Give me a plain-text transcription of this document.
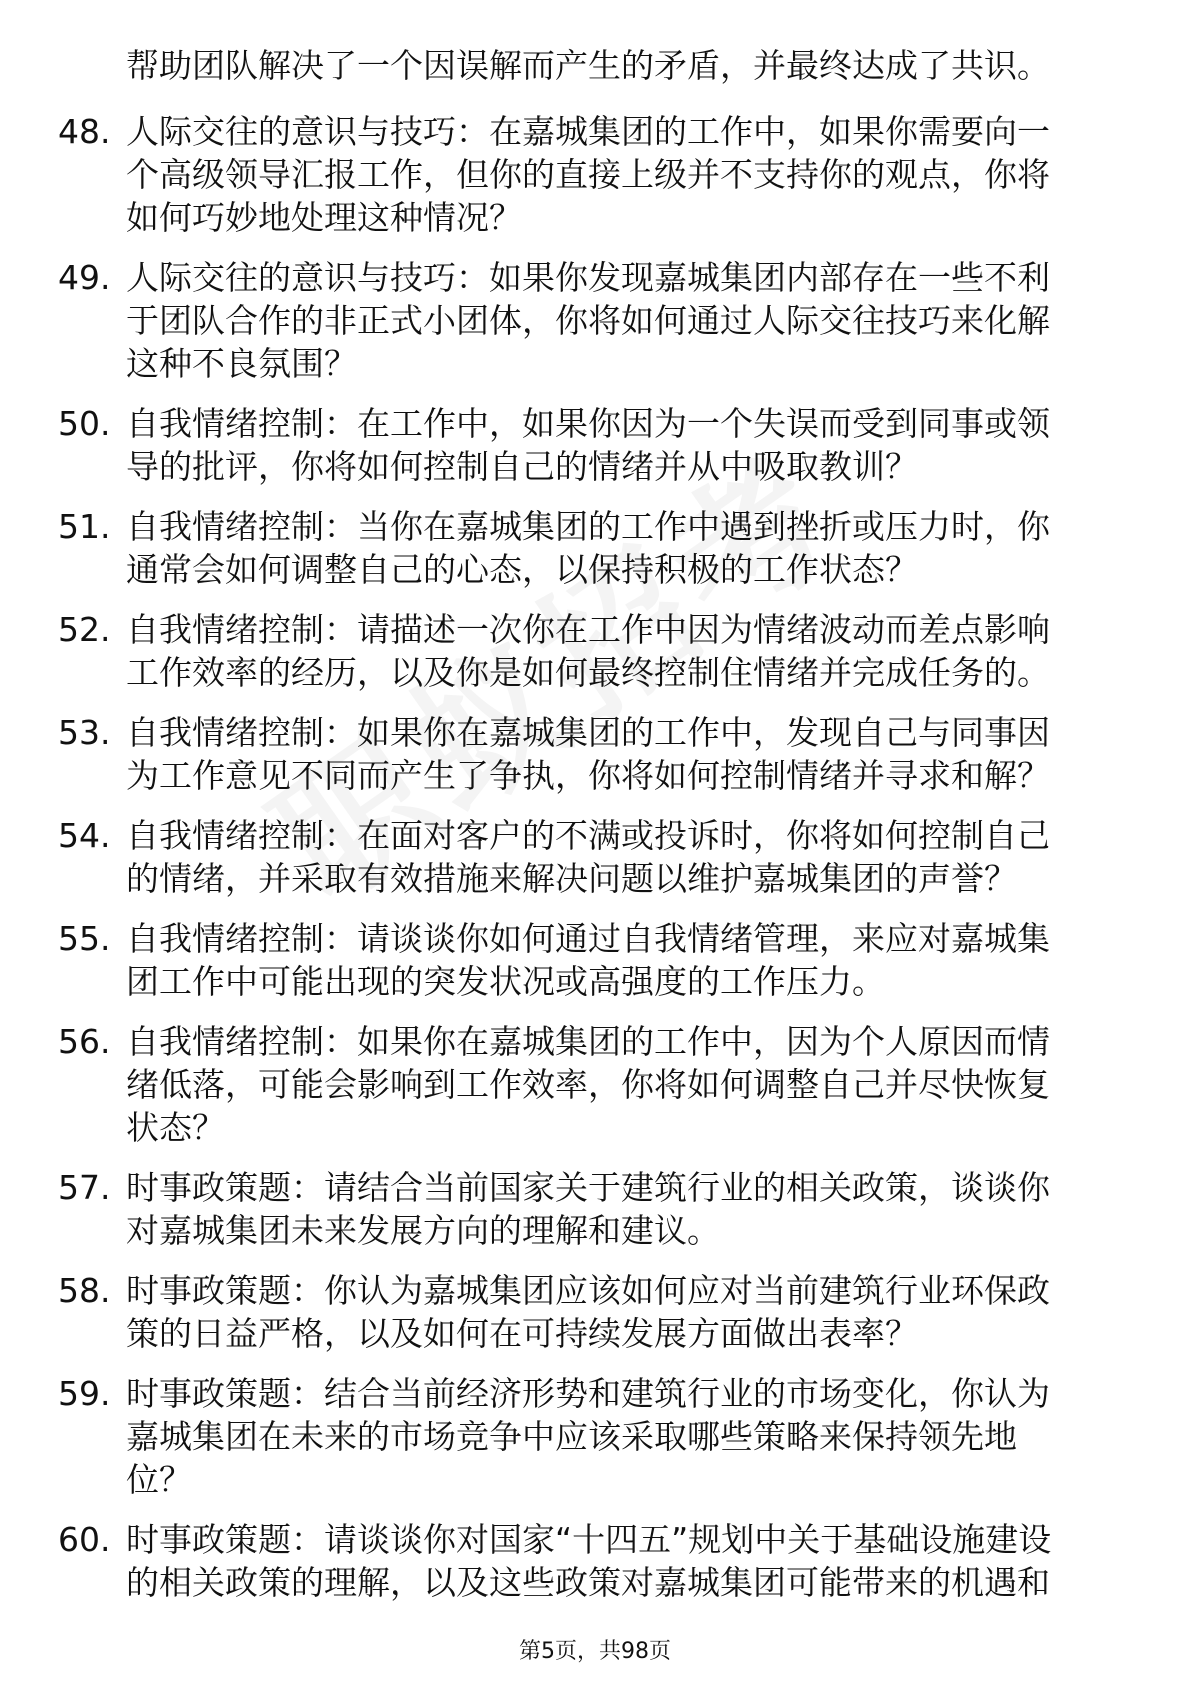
帮助团队解决了一个因误解而产生的矛盾，并最终达成了共识。
48. 人际交往的意识与技巧：在嘉城集团的工作中，如果你需要向一
个高级领导汇报工作，但你的直接上级并不支持你的观点，你将
如何巧妙地处理这种情况？
49. 人际交往的意识与技巧：如果你发现嘉城集团内部存在一些不利
于团队合作的非正式小团体，你将如何通过人际交往技巧来化解
这种不良氛围？
50. 自我情绪控制：在工作中，如果你因为一个失误而受到同事或领
导的批评，你将如何控制自己的情绪并从中吸取教训？
51. 自我情绪控制：当你在嘉城集团的工作中遇到挫折或压力时，你
通常会如何调整自己的心态，以保持积极的工作状态？
52. 自我情绪控制：请描述一次你在工作中因为情绪波动而差点影响
工作效率的经历，以及你是如何最终控制住情绪并完成任务的。
53. 自我情绪控制：如果你在嘉城集团的工作中，发现自己与同事因
为工作意见不同而产生了争执，你将如何控制情绪并寻求和解？
54. 自我情绪控制：在面对客户的不满或投诉时，你将如何控制自己
的情绪，并采取有效措施来解决问题以维护嘉城集团的声誉？
55. 自我情绪控制：请谈谈你如何通过自我情绪管理，来应对嘉城集
团工作中可能出现的突发状况或高强度的工作压力。
56. 自我情绪控制：如果你在嘉城集团的工作中，因为个人原因而情
绪低落，可能会影响到工作效率，你将如何调整自己并尽快恢复
状态？
57. 时事政策题：请结合当前国家关于建筑行业的相关政策，谈谈你
对嘉城集团未来发展方向的理解和建议。
58. 时事政策题：你认为嘉城集团应该如何应对当前建筑行业环保政
策的日益严格，以及如何在可持续发展方面做出表率？
59. 时事政策题：结合当前经济形势和建筑行业的市场变化，你认为
嘉城集团在未来的市场竞争中应该采取哪些策略来保持领先地
位？
60. 时事政策题：请谈谈你对国家“十四五”规划中关于基础设施建设
的相关政策的理解，以及这些政策对嘉城集团可能带来的机遇和
第5页，共98页
